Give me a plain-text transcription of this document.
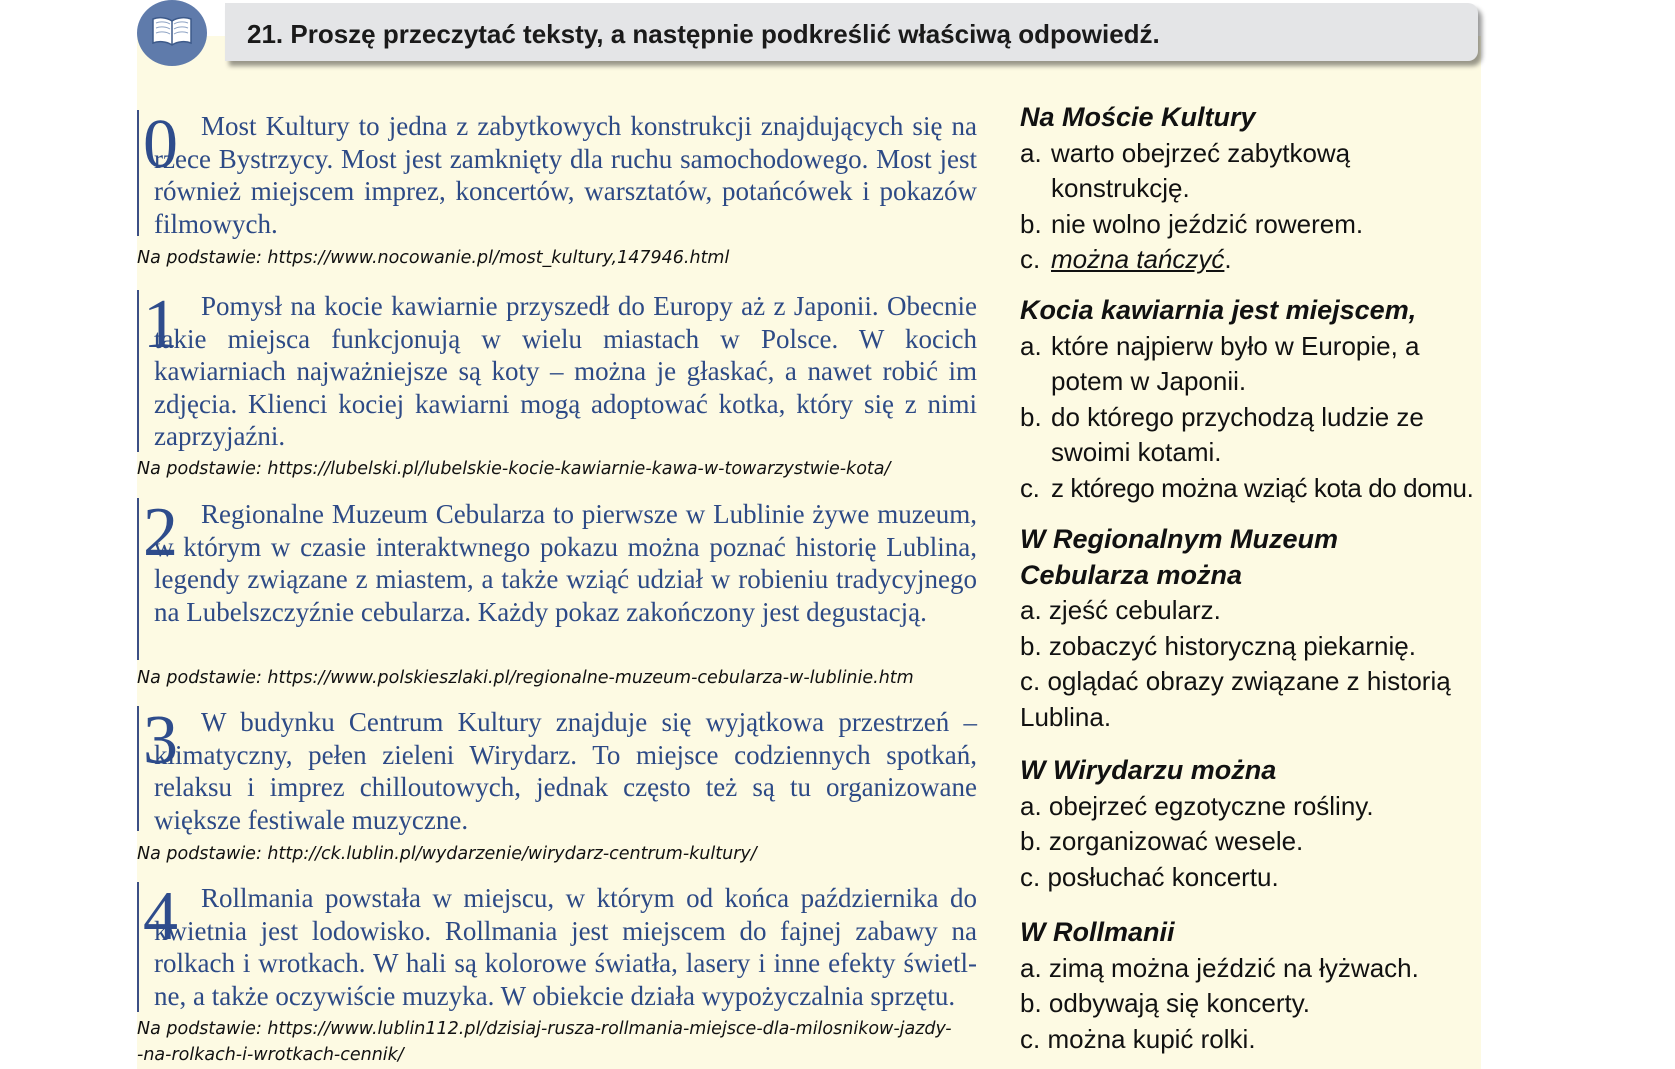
21. Proszę przeczytać teksty, a następnie podkreślić właściwą odpowiedź.
0 Most Kultury to jedna z zabytkowych konstrukcji znajdujących się na rzece Bystrzycy. Most jest zamknięty dla ruchu samochodowego. Most jest również miejscem imprez, koncertów, warsztatów, potańcówek i pokazów filmowych.

Na podstawie: https://www.nocowanie.pl/most_kultury,147946.html
1 Pomysł na kocie kawiarnie przyszedł do Europy aż z Japonii. Obecnie takie miejsca funkcjonują w wielu miastach w Polsce. W kocich kawiarniach najważniejsze są koty – można je głaskać, a nawet robić im zdjęcia. Klienci kociej kawiarni mogą adoptować kotka, który się z nimi zaprzyjaźni.

Na podstawie: https://lubelski.pl/lubelskie-kocie-kawiarnie-kawa-w-towarzystwie-kota/
2 Regionalne Muzeum Cebularza to pierwsze w Lublinie żywe muzeum, w którym w czasie interaktwnego pokazu można poznać historię Lublina, legendy związane z miastem, a także wziąć udział w robieniu tradycyjnego na Lubelszczyźnie cebularza. Każdy pokaz zakończony jest degustacją.

Na podstawie: https://www.polskieszlaki.pl/regionalne-muzeum-cebularza-w-lublinie.htm
3 W budynku Centrum Kultury znajduje się wyjątkowa przestrzeń – klimatyczny, pełen zieleni Wirydarz. To miejsce codziennych spotkań, relaksu i imprez chilloutowych, jednak często też są tu organizowane większe festiwale muzyczne.

Na podstawie: http://ck.lublin.pl/wydarzenie/wirydarz-centrum-kultury/
4 Rollmania powstała w miejscu, w którym od końca października do kwietnia jest lodowisko. Rollmania jest miejscem do fajnej zabawy na rolkach i wrotkach. W hali są kolorowe światła, lasery i inne efekty świetlne, a także oczywiście muzyka. W obiekcie działa wypożyczalnia sprzętu.

Na podstawie: https://www.lublin112.pl/dzisiaj-rusza-rollmania-miejsce-dla-milosnikow-jazdy-
-na-rolkach-i-wrotkach-cennik/

Na Moście Kultury

a. warto obejrzeć zabytkową konstrukcję.

b. nie wolno jeździć rowerem.

c. można tańczyć.

Kocia kawiarnia jest miejscem,

a. które najpierw było w Europie, a potem w Japonii.

b. do którego przychodzą ludzie ze swoimi kotami.

c. z którego można wziąć kota do domu.

W Regionalnym Muzeum

Cebularza można

a. zjeść cebularz.

b. zobaczyć historyczną piekarnię.

c. oglądać obrazy związane z historią
Lublina.

W Wirydarzu można

a. obejrzeć egzotyczne rośliny.

b. zorganizować wesele.

c. posłuchać koncertu.

W Rollmanii

a. zimą można jeździć na łyżwach.

b. odbywają się koncerty.

c. można kupić rolki.
